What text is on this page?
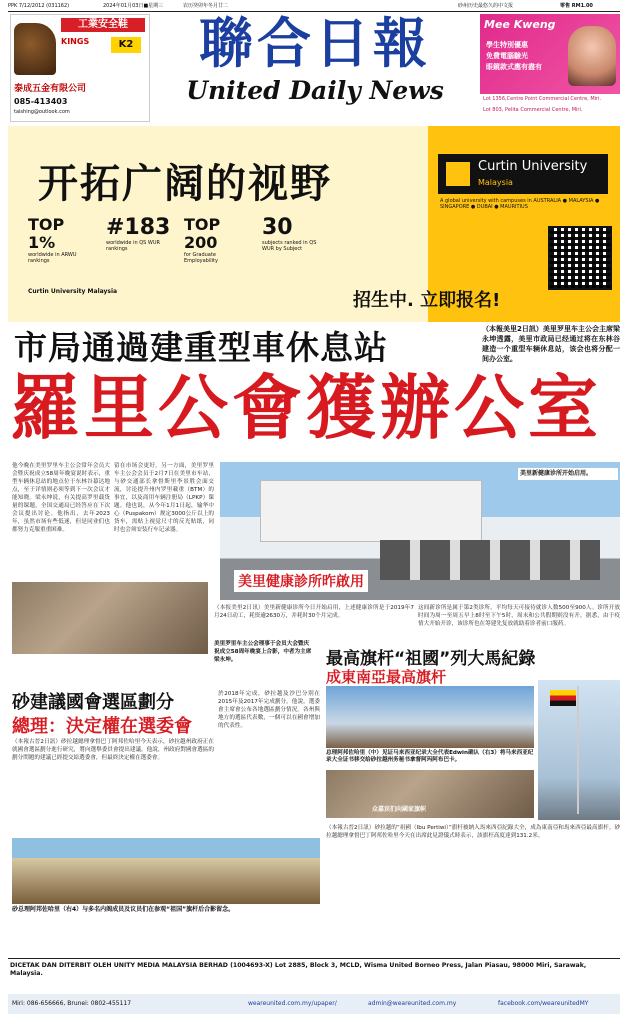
PPK 7/12/2012 (031162)	2024年01月03日■星期三	农历癸卯年冬月廿二	砂州历史最悠久的中文报	零售 RM1.00
工業安全鞋
KINGS	K2
泰成五金有限公司
085-413403
taishing@outlook.com
聯合日報
United Daily News
Mee Kweng
學生特別優惠
免費電腦驗光
眼鏡款式應有盡有
Lot 1356,Centre Point Commercial Centre, Miri.
Lot 803, Pelita Commercial Centre, Miri.
开拓广阔的视野	Curtin University
Malaysia
A global university with campuses in AUSTRALIA ● MALAYSIA ● SINGAPORE ● DUBAI ● MAURITIUS
TOP 1%
worldwide in ARWU rankings
#183
worldwide in QS WUR rankings
TOP 200
for Graduate Employability
30
subjects ranked in QS WUR by Subject
Curtin University Malaysia	招生中. 立即报名!
市局通過建重型車休息站
羅里公會獲辦公室
（本報美里2日訊）美里罗里车主公会主席梁永坤透露，美里市政局已经通过将在东林谷建造一个重型车辆休息站，该会也将分配一间办公室。
他今晚在美里罗里车主公会常年会员大会暨庆祝成立58周年晚宴说时表示，重型车辆休息站的地点位于东林谷幕达地点，至于详情则必须等到下一次会议才能知晓。梁永坤说，有关提高罗里载货量的课题，全国交通局已经答应在下次会议提出讨论。他指出，去年2023年，虽然市场有些低迷，但是同业们也都努力克服重重困难。
留在市场会更好。另一方面，美里罗里车主公会会员于2月7日在美里市车站，与砂交通部长拿督斯里李景胜会面交流，讨论提升州内罗里載重（BTM）的事宜，以及商用车辆注册局（LPKP）课题。他也说，从今年1月1日起，输华中心（Puspakom）规定3000公斤以上的货车，需贴上视觉尺寸的反光贴纸，同时也会须安装行车记录器。
美里新健康诊所开始启用。
美里健康診所昨啟用
美里罗里车主公会理事于会员大会暨庆祝成立58周年晚宴上合影，中者为主席梁永坤。
（本报美里2日讯）美里新健康诊所今日开始启用，上述健康诊所是于2019年7月24日动工，耗资逾2630万，并耗时30个月完成。
这间新诊所是属于第2类诊所，平均每天可接待就诊人数500至900人。诊所开放时间为周一至周五早上8时至下午5时，周末和公共假期则没有开，据悉，由于疫情大开始开诊，该诊所也在筹建先复放就助着诊者前口服药。
最高旗杆“祖國”列大馬紀錄
成東南亞最高旗杆
总理阿邦佐哈里（中）见证马来西亚纪录大全代表Edwin确认（右3）将马来西亚纪录大全证书移交给砂拉越州务秘书拿督阿玛阿布巴卡。
众嘉宾们向國家旗帜
砂建議國會選區劃分
總理：決定權在選委會
（本報古晉2日訊）砂拉越總理拿督巴丁阿邦佐哈里今天表示，砂拉越州政府正在就國會選區劃分進行研究，將向選舉委員會提出建議。他說，州政府對國會選區的劃分問題的建議已經提交給選委會，但最終決定權在選委會。
於2018年完成，砂拉越及沙巴分別在2015年及2017年完成劃分。他說，選委會主席會公布各地選區劃分情況。各州與地方的選區代表數，一個可以在國會增加的代表性。
（本報古晉2日訊）砂拉越的“祖國（Ibu Pertiwi）”旗杆被納入馬來西亞紀錄大全，成為東南亞和馬來西亞最高旗杆。砂拉越總理拿督巴丁阿邦佐哈里今天在出席此見證儀式時表示，該旗杆高度達到131.2米。
砂总理阿邦佐哈里（右4）与多名内阁成员及议员们在参观“祖国”旗杆后合影留念。
DICETAK DAN DITERBIT OLEH UNITY MEDIA MALAYSIA BERHAD (1004693-X) Lot 2885, Block 3, MCLD, Wisma United Borneo Press, Jalan Piasau, 98000 Miri, Sarawak, Malaysia.
Miri: 086-656666, Brunei: 0802-455117	weareunited.com.my/upaper/	admin@weareunited.com.my	facebook.com/weareunitedMY
